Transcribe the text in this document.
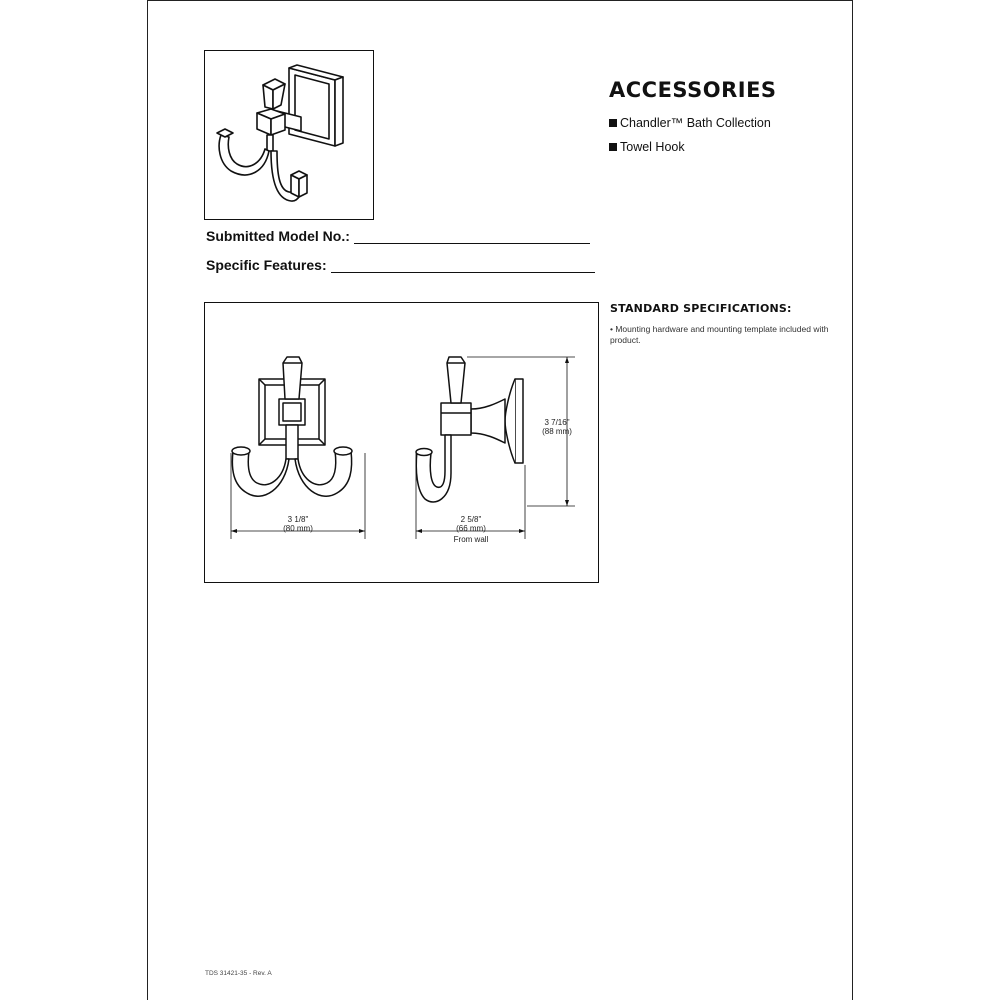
ACCESSORIES
Chandler™ Bath Collection
Towel Hook
Submitted Model No.:
Specific Features:
3 1/8"
(80 mm)
2 5/8"
(66 mm)
From wall
3 7/16"
(88 mm)
STANDARD SPECIFICATIONS:
• Mounting hardware and mounting template included with product.
TDS 31421-35 - Rev. A
